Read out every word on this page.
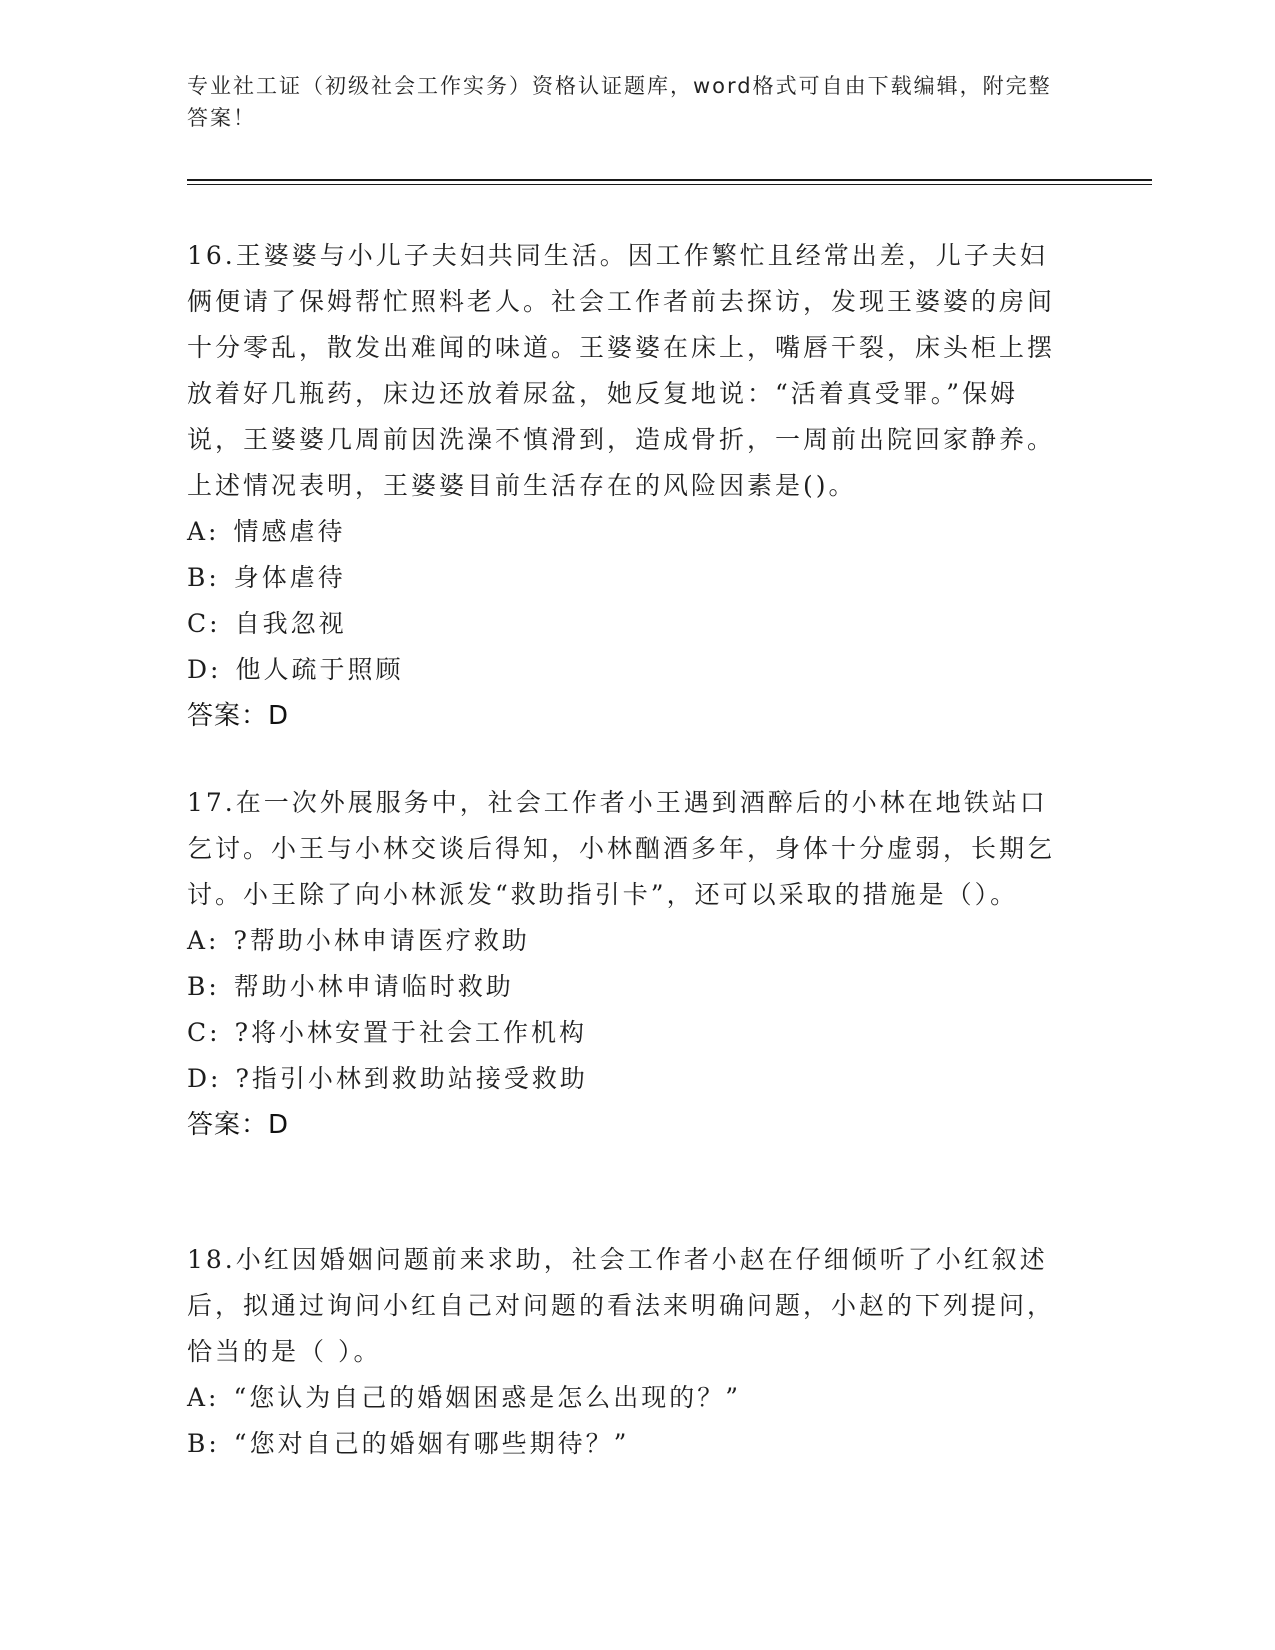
专业社工证（初级社会工作实务）资格认证题库，word格式可自由下载编辑，附完整答案！

16.王婆婆与小儿子夫妇共同生活。因工作繁忙且经常出差，儿子夫妇俩便请了保姆帮忙照料老人。社会工作者前去探访，发现王婆婆的房间十分零乱，散发出难闻的味道。王婆婆在床上，嘴唇干裂，床头柜上摆放着好几瓶药，床边还放着尿盆，她反复地说：“活着真受罪。”保姆说，王婆婆几周前因洗澡不慎滑到，造成骨折，一周前出院回家静养。上述情况表明，王婆婆目前生活存在的风险因素是()。

A: 情感虐待
B: 身体虐待
C: 自我忽视
D: 他人疏于照顾
答案：D

17.在一次外展服务中，社会工作者小王遇到酒醉后的小林在地铁站口乞讨。小王与小林交谈后得知，小林酗酒多年，身体十分虚弱，长期乞讨。小王除了向小林派发“救助指引卡”，还可以采取的措施是（）。

A: ?帮助小林申请医疗救助
B: 帮助小林申请临时救助
C: ?将小林安置于社会工作机构
D: ?指引小林到救助站接受救助
答案：D

18.小红因婚姻问题前来求助，社会工作者小赵在仔细倾听了小红叙述后，拟通过询问小红自己对问题的看法来明确问题，小赵的下列提问，恰当的是（ ）。

A: “您认为自己的婚姻困惑是怎么出现的？”
B: “您对自己的婚姻有哪些期待？”
